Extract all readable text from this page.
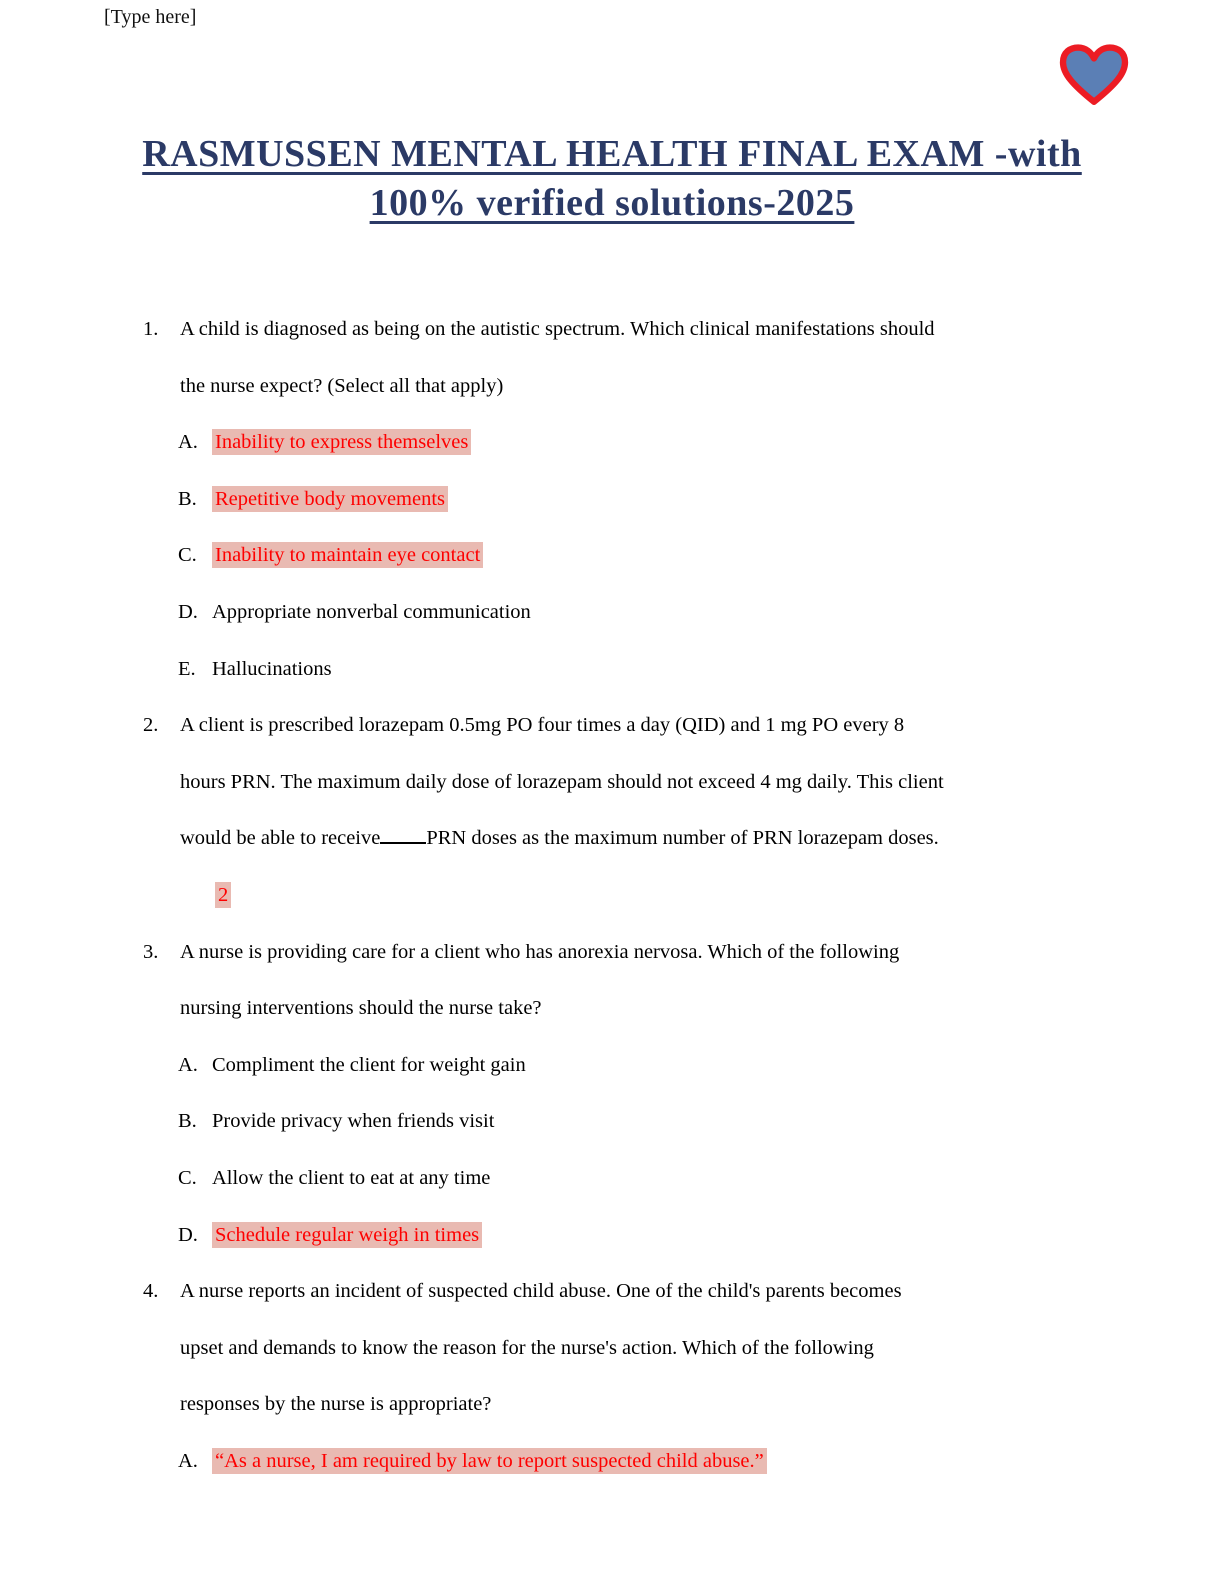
[Type here]
RASMUSSEN MENTAL HEALTH FINAL EXAM -with
100% verified solutions-2025
1. A child is diagnosed as being on the autistic spectrum. Which clinical manifestations should
the nurse expect? (Select all that apply)
A. Inability to express themselves
B. Repetitive body movements
C. Inability to maintain eye contact
D. Appropriate nonverbal communication
E. Hallucinations
2. A client is prescribed lorazepam 0.5mg PO four times a day (QID) and 1 mg PO every 8
hours PRN. The maximum daily dose of lorazepam should not exceed 4 mg daily. This client
would be able to receive PRN doses as the maximum number of PRN lorazepam doses.
2
3. A nurse is providing care for a client who has anorexia nervosa. Which of the following
nursing interventions should the nurse take?
A. Compliment the client for weight gain
B. Provide privacy when friends visit
C. Allow the client to eat at any time
D. Schedule regular weigh in times
4. A nurse reports an incident of suspected child abuse. One of the child's parents becomes
upset and demands to know the reason for the nurse's action. Which of the following
responses by the nurse is appropriate?
A. “As a nurse, I am required by law to report suspected child abuse.”
